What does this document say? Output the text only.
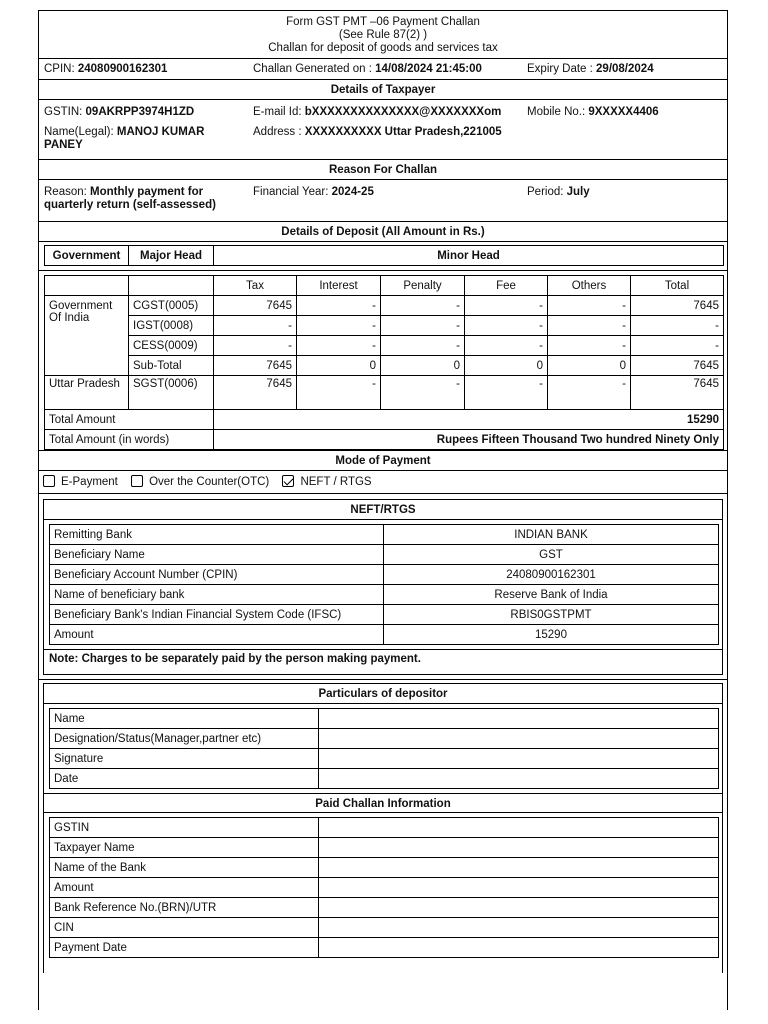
Form GST PMT –06 Payment Challan
(See Rule 87(2) )
Challan for deposit of goods and services tax
CPIN: 24080900162301	Challan Generated on : 14/08/2024 21:45:00	Expiry Date : 29/08/2024
Details of Taxpayer
GSTIN: 09AKRPP3974H1ZD
Name(Legal): MANOJ KUMAR PANEY
E-mail Id: bXXXXXXXXXXXXXX@XXXXXXXom
Address : XXXXXXXXXX Uttar Pradesh,221005
Mobile No.: 9XXXXX4406
Reason For Challan
Reason: Monthly payment for quarterly return (self-assessed)
Financial Year: 2024-25	Period: July
Details of Deposit (All Amount in Rs.)
Government	Major Head	Minor Head
		Tax	Interest	Penalty	Fee	Others	Total
Government Of India	CGST(0005)	7645	-	-	-	-	7645
	IGST(0008)	-	-	-	-	-	-
	CESS(0009)	-	-	-	-	-	-
	Sub-Total	7645	0	0	0	0	7645
Uttar Pradesh	SGST(0006)	7645	-	-	-	-	7645
Total Amount		15290					
Total Amount (in words)		Rupees Fifteen Thousand Two hundred Ninety Only					
Mode of Payment
E-Payment	Over the Counter(OTC)	NEFT / RTGS
NEFT/RTGS
Remitting Bank	INDIAN BANK
Beneficiary Name	GST
Beneficiary Account Number (CPIN)	24080900162301
Name of beneficiary bank	Reserve Bank of India
Beneficiary Bank's Indian Financial System Code (IFSC)	RBIS0GSTPMT
Amount	15290
Note: Charges to be separately paid by the person making payment.
Particulars of depositor
Name	
Designation/Status(Manager,partner etc)	
Signature	
Date	
Paid Challan Information
GSTIN	
Taxpayer Name	
Name of the Bank	
Amount	
Bank Reference No.(BRN)/UTR	
CIN	
Payment Date	
